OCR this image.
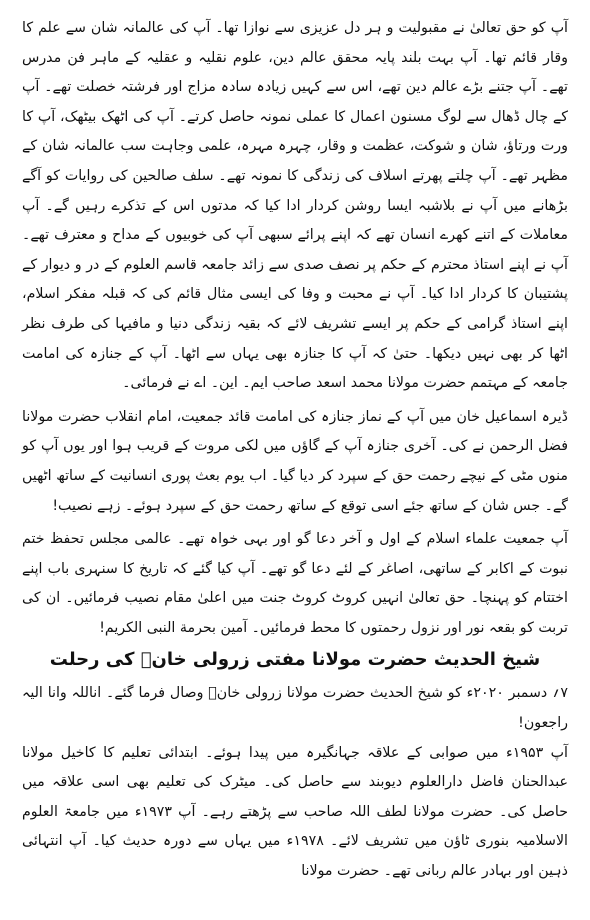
آپ کو حق تعالیٰ نے مقبولیت و ہر دل عزیزی سے نوازا تھا۔ آپ کی عالمانہ شان سے علم کا وقار قائم تھا۔ آپ بہت بلند پایہ محقق عالم دین، علوم نقلیہ و عقلیہ کے ماہر فن مدرس تھے۔ آپ جتنے بڑے عالم دین تھے، اس سے کہیں زیادہ سادہ مزاج اور فرشتہ خصلت تھے۔ آپ کے چال ڈھال سے لوگ مسنون اعمال کا عملی نمونہ حاصل کرتے۔ آپ کی اٹھک بیٹھک، آپ کا ورت ورتاؤ، شان و شوکت، عظمت و وقار، چہرہ مہرہ، علمی وجاہت سب عالمانہ شان کے مظہر تھے۔ آپ چلتے پھرتے اسلاف کی زندگی کا نمونہ تھے۔ سلف صالحین کی روایات کو آگے بڑھانے میں آپ نے بلاشبہ ایسا روشن کردار ادا کیا کہ مدتوں اس کے تذکرے رہیں گے۔ آپ معاملات کے اتنے کھرے انسان تھے کہ اپنے پرائے سبھی آپ کی خوبیوں کے مداح و معترف تھے۔ آپ نے اپنے استاذ محترم کے حکم پر نصف صدی سے زائد جامعہ قاسم العلوم کے در و دیوار کے پشتیبان کا کردار ادا کیا۔ آپ نے محبت و وفا کی ایسی مثال قائم کی کہ قبلہ مفکر اسلام، اپنے استاذ گرامی کے حکم پر ایسے تشریف لائے کہ بقیہ زندگی دنیا و مافیہا کی طرف نظر اٹھا کر بھی نہیں دیکھا۔ حتیٰ کہ آپ کا جنازہ بھی یہاں سے اٹھا۔ آپ کے جنازہ کی امامت جامعہ کے مہتمم حضرت مولانا محمد اسعد صاحب ایم۔ این۔ اے نے فرمائی۔

ڈیرہ اسماعیل خان میں آپ کے نماز جنازہ کی امامت قائد جمعیت، امام انقلاب حضرت مولانا فضل الرحمن نے کی۔ آخری جنازہ آپ کے گاؤں میں لکی مروت کے قریب ہوا اور یوں آپ کو منوں مٹی کے نیچے رحمت حق کے سپرد کر دیا گیا۔ اب یوم بعث پوری انسانیت کے ساتھ اٹھیں گے۔ جس شان کے ساتھ جئے اسی توقع کے ساتھ رحمت حق کے سپرد ہوئے۔ زہے نصیب!

آپ جمعیت علماء اسلام کے اول و آخر دعا گو اور بہی خواہ تھے۔ عالمی مجلس تحفظ ختم نبوت کے اکابر کے ساتھی، اصاغر کے لئے دعا گو تھے۔ آپ کیا گئے کہ تاریخ کا سنہری باب اپنے اختتام کو پہنچا۔ حق تعالیٰ انہیں کروٹ کروٹ جنت میں اعلیٰ مقام نصیب فرمائیں۔ ان کی تربت کو بقعہ نور اور نزول رحمتوں کا محط فرمائیں۔ آمین بحرمة النبی الکریم!

شیخ الحدیث حضرت مولانا مفتی زرولی خانؒ کی رحلت

۷؍ دسمبر ۲۰۲۰ء کو شیخ الحدیث حضرت مولانا زرولی خانؒ وصال فرما گئے۔ اناللہ وانا الیہ راجعون!

آپ ۱۹۵۳ء میں صوابی کے علاقہ جہانگیرہ میں پیدا ہوئے۔ ابتدائی تعلیم کا کاخیل مولانا عبدالحنان فاضل دارالعلوم دیوبند سے حاصل کی۔ میٹرک کی تعلیم بھی اسی علاقہ میں حاصل کی۔ حضرت مولانا لطف اللہ صاحب سے پڑھتے رہے۔ آپ ۱۹۷۳ء میں جامعۃ العلوم الاسلامیہ بنوری ٹاؤن میں تشریف لائے۔ ۱۹۷۸ء میں یہاں سے دورہ حدیث کیا۔ آپ انتہائی ذہین اور بہادر عالم ربانی تھے۔ حضرت مولانا
